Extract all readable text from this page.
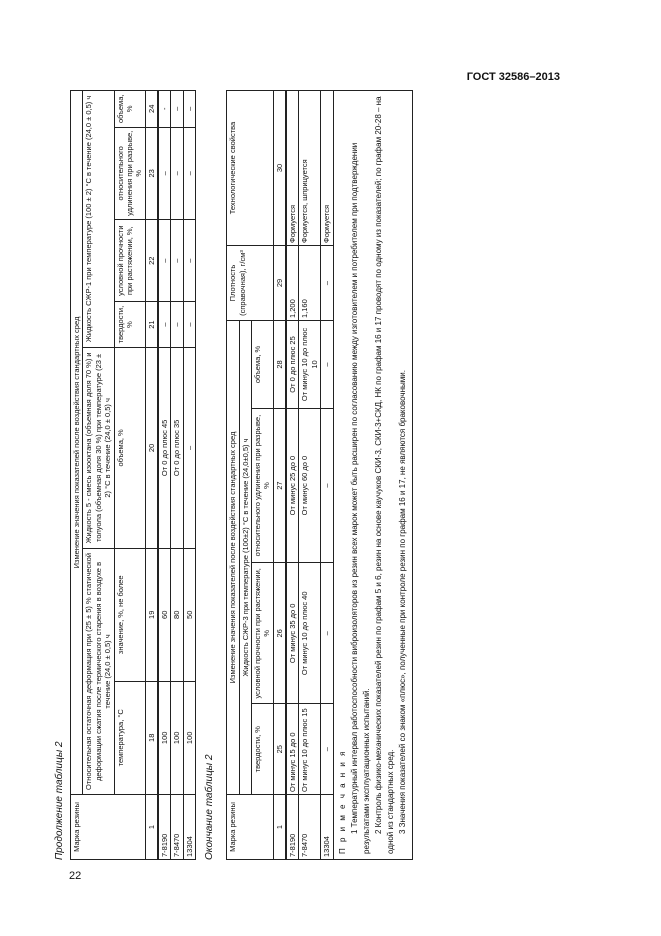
ГОСТ 32586–2013
22
Продолжение таблицы 2 Марка резины	Изменение значения показателей после воздействия стандартных сред						
	Относительная остаточная деформация при (25 ± 5) % статической деформации сжатия после термического старения в воздухе в течение (24,0 ± 0,5) ч		Жидкость 5 - смесь изооктана (объемная доля 70 %) и толуола (объемная доля 30 %) при температуре (23 ± 2) °С в течение (24,0 ± 0,5) ч	Жидкость СЖР-1 при температуре (100 ± 2) °С в течение (24,0 ± 0,5) ч			
	температура, °С	значение, %, не более	объема, %	твердости, %	условной прочности при растяжении, %,	относительного удлинения при разрыве, %	объема, %
1	18	19	20	21	22	23	24
7-8190	100	60	От 0 до плюс 45	–	–	–	-
7-8470	100	80	От 0 до плюс 35	–	–	–	–
13304	100	50	–	–	–	–	–
Окончание таблицы 2	Марка резины	Изменение значения показателей после воздействия стандартных сред				Плотность (справочная), г/см³	Технологические свойства
	Жидкость СЖР-3 при температуре (100±2) °С в течение (24,0±0,5) ч					
	твердости, %	условной прочности при растяжении, %	относительного удлинения при разрыве, %	объема, %		
1	25	26	27	28	29	30
7-8190	От минус 15 до 0	От минус 35 до 0	От минус 25 до 0	От 0 до плюс 25	1,200	Формуется
7-8470	От минус 10 до плюс 15	От минус 10 до плюс 40	От минус 60 до 0	От минус 10 до плюс 10	1,160	Формуется, шприцуется
13304	–	–	–	–	–	Формуется

П р и м е ч а н и я 1 Температурный интервал работоспособности виброизоляторов из резин всех марок может быть расширен по согласованию между изготовителем и потребителем при подтверждении результатами эксплуатационных испытаний. 2 Контроль физико-механических показателей резин по графам 5 и 6, резин на основе каучуков СКИ-3, СКИ-3+СКД, НК по графам 16 и 17 проводят по одному из показателей; по графам 20-28 – на одной из стандартных сред. 3 Значения показателей со знаком «плюс», полученные при контроле резин по графам 16 и 17, не являются браковочными.						
